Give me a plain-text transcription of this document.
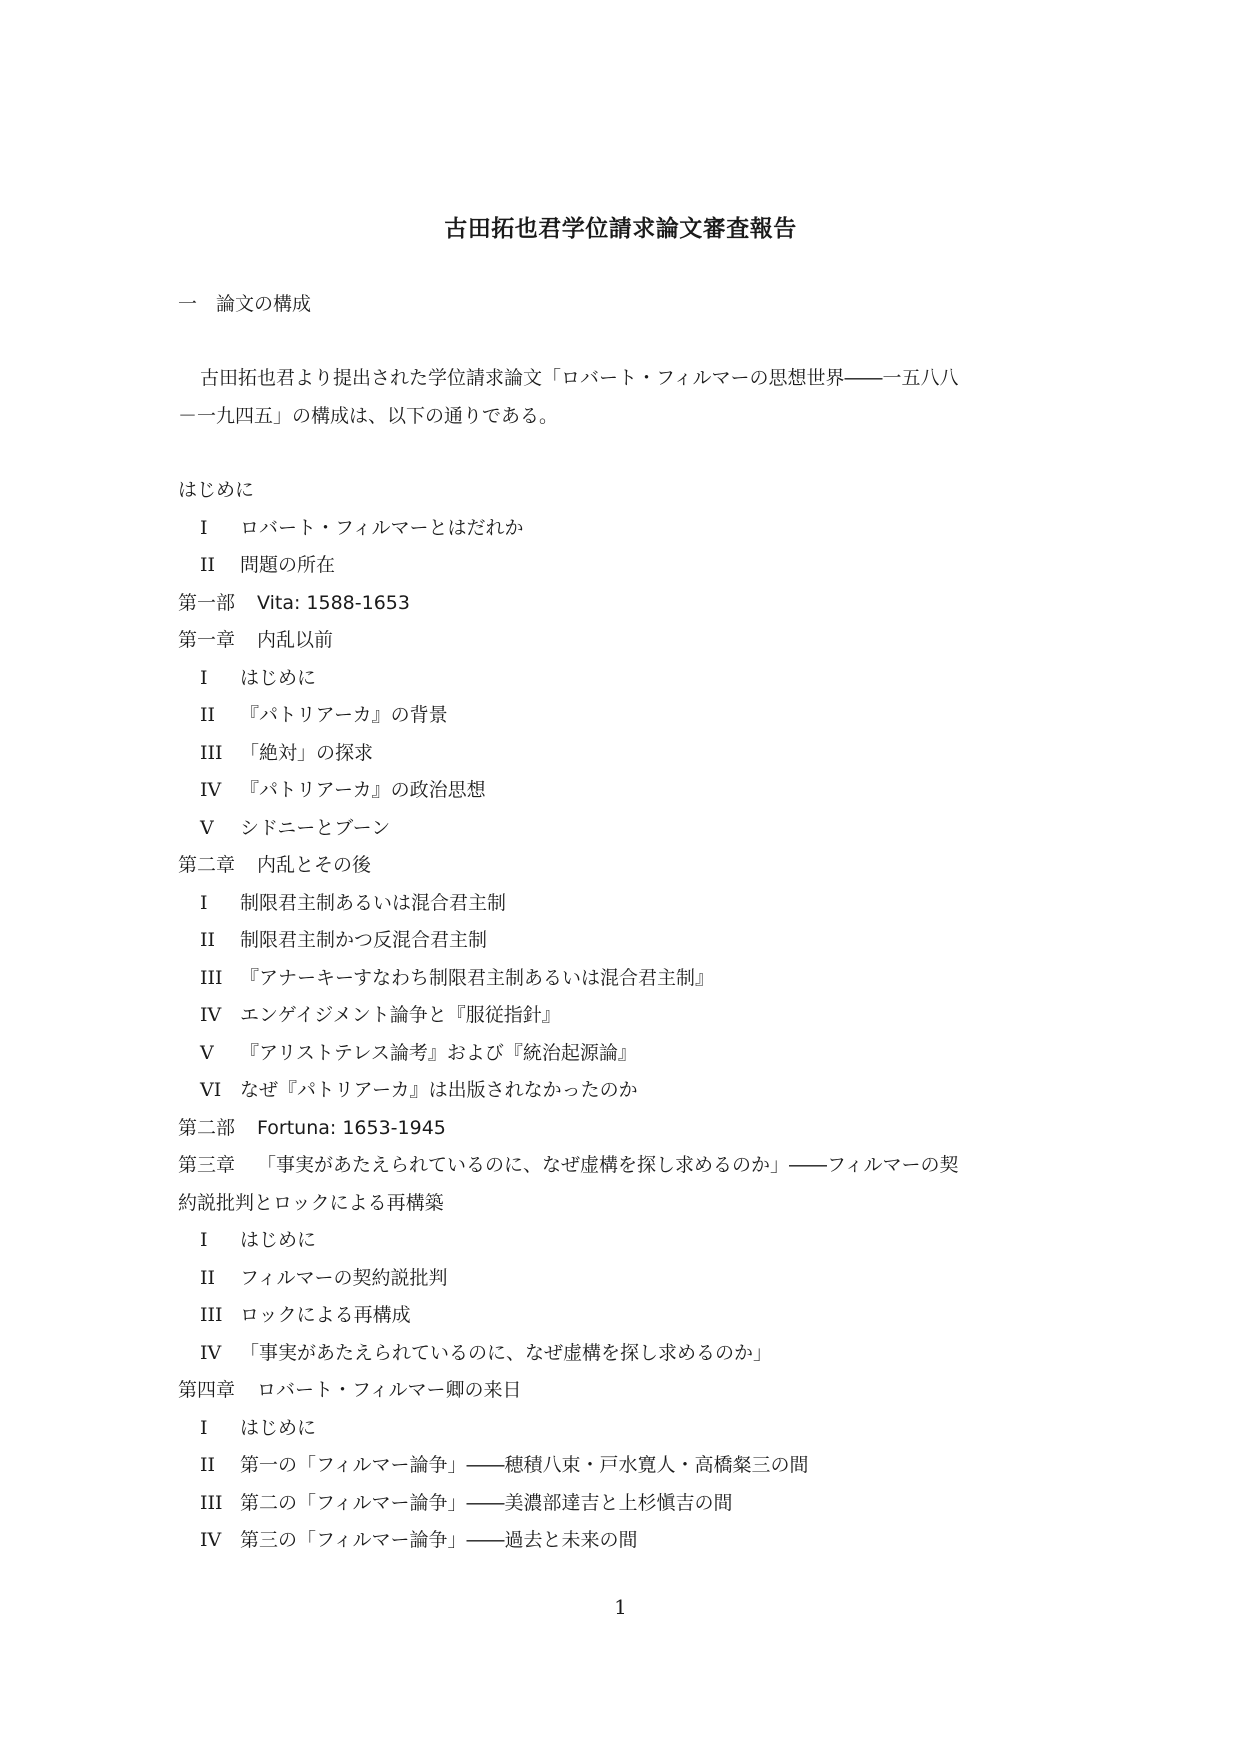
古田拓也君学位請求論文審査報告
一　論文の構成
古田拓也君より提出された学位請求論文「ロバート・フィルマーの思想世界――一五八八
－一九四五」の構成は、以下の通りである。
はじめに
I ロバート・フィルマーとはだれか
II 問題の所在
第一部 Vita: 1588-1653
第一章 内乱以前
I はじめに
II 『パトリアーカ』の背景
III 「絶対」の探求
IV 『パトリアーカ』の政治思想
V シドニーとブーン
第二章 内乱とその後
I 制限君主制あるいは混合君主制
II 制限君主制かつ反混合君主制
III 『アナーキーすなわち制限君主制あるいは混合君主制』
IV エンゲイジメント論争と『服従指針』
V 『アリストテレス論考』および『統治起源論』
VI なぜ『パトリアーカ』は出版されなかったのか
第二部 Fortuna: 1653-1945
第三章 「事実があたえられているのに、なぜ虚構を探し求めるのか」――フィルマーの契
約説批判とロックによる再構築
I はじめに
II フィルマーの契約説批判
III ロックによる再構成
IV 「事実があたえられているのに、なぜ虚構を探し求めるのか」
第四章 ロバート・フィルマー卿の来日
I はじめに
II 第一の「フィルマー論争」――穂積八束・戸水寛人・高橋粲三の間
III 第二の「フィルマー論争」――美濃部達吉と上杉愼吉の間
IV 第三の「フィルマー論争」――過去と未来の間
1
